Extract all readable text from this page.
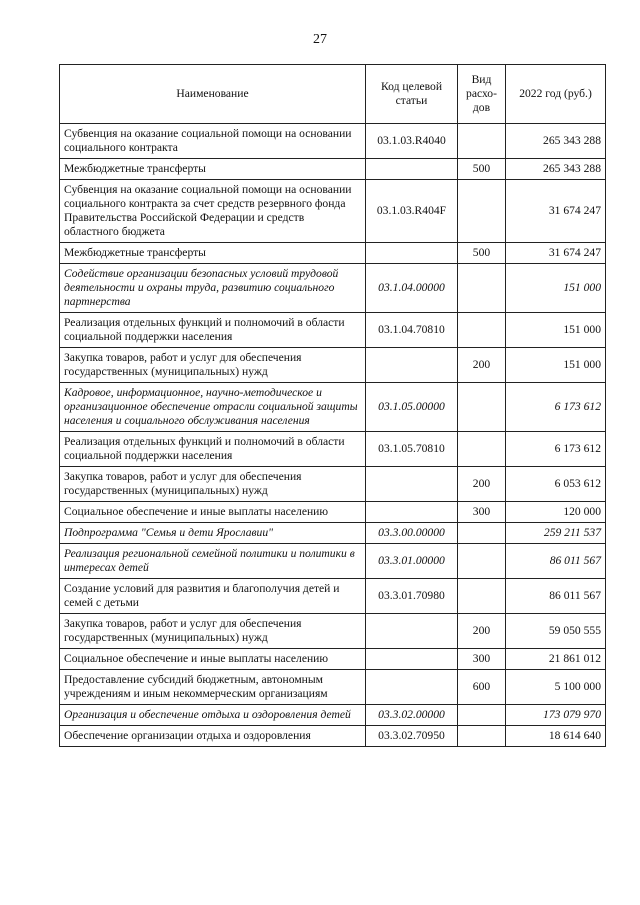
27
Наименование	Код целевой статьи	Вид расхо-дов	2022 год (руб.)
Субвенция на оказание социальной помощи на основании социального контракта	03.1.03.R4040		265 343 288
Межбюджетные трансферты		500	265 343 288
Субвенция на оказание социальной помощи на основании социального контракта за счет средств резервного фонда Правительства Российской Федерации и средств областного бюджета	03.1.03.R404F		31 674 247
Межбюджетные трансферты		500	31 674 247
Содействие организации безопасных условий трудовой деятельности и охраны труда, развитию социального партнерства	03.1.04.00000		151 000
Реализация отдельных функций и полномочий в области социальной поддержки населения	03.1.04.70810		151 000
Закупка товаров, работ и услуг для обеспечения государственных (муниципальных) нужд		200	151 000
Кадровое, информационное, научно-методическое и организационное обеспечение отрасли социальной защиты населения и социального обслуживания населения	03.1.05.00000		6 173 612
Реализация отдельных функций и полномочий в области социальной поддержки населения	03.1.05.70810		6 173 612
Закупка товаров, работ и услуг для обеспечения государственных (муниципальных) нужд		200	6 053 612
Социальное обеспечение и иные выплаты населению		300	120 000
Подпрограмма "Семья и дети Ярославии"	03.3.00.00000		259 211 537
Реализация региональной семейной политики и политики в интересах детей	03.3.01.00000		86 011 567
Создание условий для развития и благополучия детей и семей с детьми	03.3.01.70980		86 011 567
Закупка товаров, работ и услуг для обеспечения государственных (муниципальных) нужд		200	59 050 555
Социальное обеспечение и иные выплаты населению		300	21 861 012
Предоставление субсидий бюджетным, автономным учреждениям и иным некоммерческим организациям		600	5 100 000
Организация и обеспечение отдыха и оздоровления детей	03.3.02.00000		173 079 970
Обеспечение организации отдыха и оздоровления	03.3.02.70950		18 614 640
